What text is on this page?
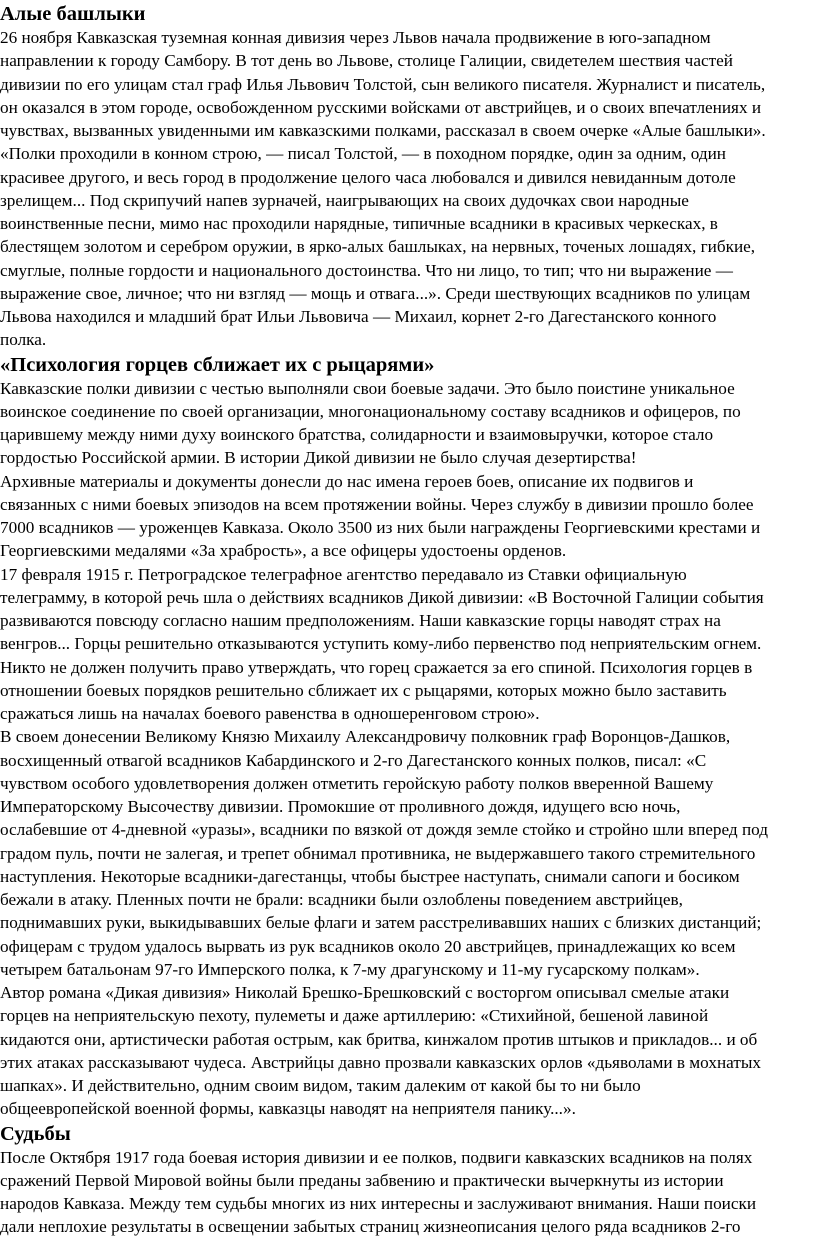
Алые башлыки
26 ноября Кавказская туземная конная дивизия через Львов начала продвижение в юго-западном
направлении к городу Самбору. В тот день во Львове, столице Галиции, свидетелем шествия частей
дивизии по его улицам стал граф Илья Львович Толстой, сын великого писателя. Журналист и писатель,
он оказался в этом городе, освобожденном русскими войсками от австрийцев, и о своих впечатлениях и
чувствах, вызванных увиденными им кавказскими полками, рассказал в своем очерке «Алые башлыки».
«Полки проходили в конном строю, — писал Толстой, — в походном порядке, один за одним, один
красивее другого, и весь город в продолжение целого часа любовался и дивился невиданным дотоле
зрелищем... Под скрипучий напев зурначей, наигрывающих на своих дудочках свои народные
воинственные песни, мимо нас проходили нарядные, типичные всадники в красивых черкесках, в
блестящем золотом и серебром оружии, в ярко-алых башлыках, на нервных, точеных лошадях, гибкие,
смуглые, полные гордости и национального достоинства. Что ни лицо, то тип; что ни выражение —
выражение свое, личное; что ни взгляд — мощь и отвага...». Среди шествующих всадников по улицам
Львова находился и младший брат Ильи Львовича — Михаил, корнет 2-го Дагестанского конного
полка.
«Психология горцев сближает их с рыцарями»
Кавказские полки дивизии с честью выполняли свои боевые задачи. Это было поистине уникальное
воинское соединение по своей организации, многонациональному составу всадников и офицеров, по
царившему между ними духу воинского братства, солидарности и взаимовыручки, которое стало
гордостью Российской армии. В истории Дикой дивизии не было случая дезертирства!
Архивные материалы и документы донесли до нас имена героев боев, описание их подвигов и
связанных с ними боевых эпизодов на всем протяжении войны. Через службу в дивизии прошло более
7000 всадников — уроженцев Кавказа. Около 3500 из них были награждены Георгиевскими крестами и
Георгиевскими медалями «За храбрость», а все офицеры удостоены орденов.
17 февраля 1915 г. Петроградское телеграфное агентство передавало из Ставки официальную
телеграмму, в которой речь шла о действиях всадников Дикой дивизии: «В Восточной Галиции события
развиваются повсюду согласно нашим предположениям. Наши кавказские горцы наводят страх на
венгров... Горцы решительно отказываются уступить кому-либо первенство под неприятельским огнем.
Никто не должен получить право утверждать, что горец сражается за его спиной. Психология горцев в
отношении боевых порядков решительно сближает их с рыцарями, которых можно было заставить
сражаться лишь на началах боевого равенства в одношеренговом строю».
В своем донесении Великому Князю Михаилу Александровичу полковник граф Воронцов-Дашков,
восхищенный отвагой всадников Кабардинского и 2-го Дагестанского конных полков, писал: «С
чувством особого удовлетворения должен отметить геройскую работу полков вверенной Вашему
Императорскому Высочеству дивизии. Промокшие от проливного дождя, идущего всю ночь,
ослабевшие от 4-дневной «уразы», всадники по вязкой от дождя земле стойко и стройно шли вперед под
градом пуль, почти не залегая, и трепет обнимал противника, не выдержавшего такого стремительного
наступления. Некоторые всадники-дагестанцы, чтобы быстрее наступать, снимали сапоги и босиком
бежали в атаку. Пленных почти не брали: всадники были озлоблены поведением австрийцев,
поднимавших руки, выкидывавших белые флаги и затем расстреливавших наших с близких дистанций;
офицерам с трудом удалось вырвать из рук всадников около 20 австрийцев, принадлежащих ко всем
четырем батальонам 97-го Имперского полка, к 7-му драгунскому и 11-му гусарскому полкам».
Автор романа «Дикая дивизия» Николай Брешко-Брешковский с восторгом описывал смелые атаки
горцев на неприятельскую пехоту, пулеметы и даже артиллерию: «Стихийной, бешеной лавиной
кидаются они, артистически работая острым, как бритва, кинжалом против штыков и прикладов... и об
этих атаках рассказывают чудеса. Австрийцы давно прозвали кавказских орлов «дьяволами в мохнатых
шапках». И действительно, одним своим видом, таким далеким от какой бы то ни было
общеевропейской военной формы, кавказцы наводят на неприятеля панику...».
Судьбы
После Октября 1917 года боевая история дивизии и ее полков, подвиги кавказских всадников на полях
сражений Первой Мировой войны были преданы забвению и практически вычеркнуты из истории
народов Кавказа. Между тем судьбы многих из них интересны и заслуживают внимания. Наши поиски
дали неплохие результаты в освещении забытых страниц жизнеописания целого ряда всадников 2-го
